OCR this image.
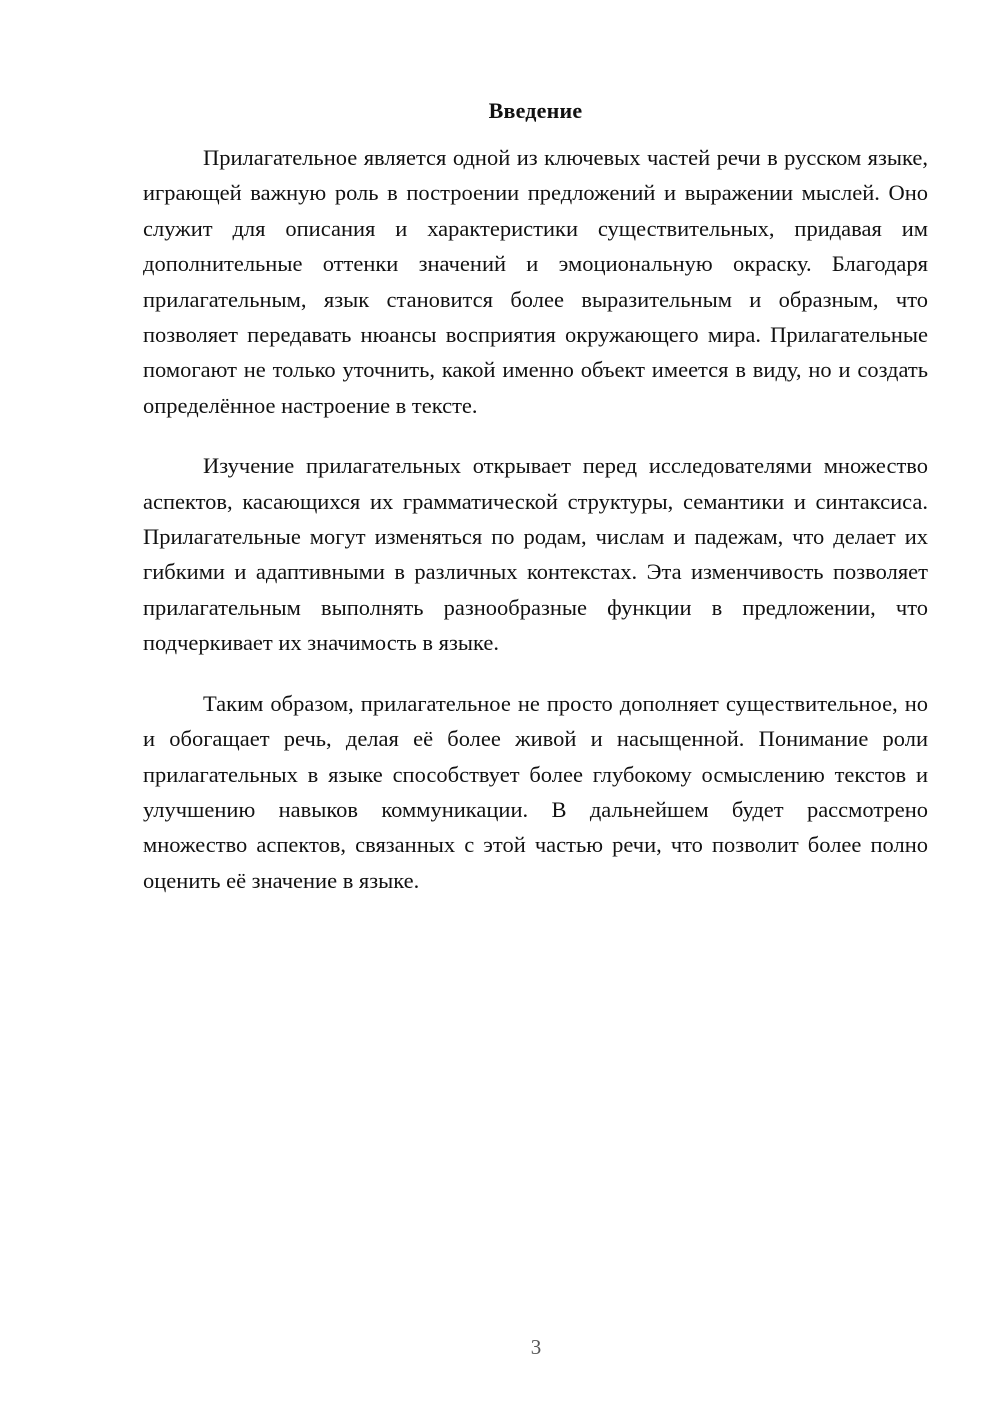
Введение

Прилагательное является одной из ключевых частей речи в русском языке, играющей важную роль в построении предложений и выражении мыслей. Оно служит для описания и характеристики существительных, придавая им дополнительные оттенки значений и эмоциональную окраску. Благодаря прилагательным, язык становится более выразительным и образным, что позволяет передавать нюансы восприятия окружающего мира. Прилагательные помогают не только уточнить, какой именно объект имеется в виду, но и создать определённое настроение в тексте.

Изучение прилагательных открывает перед исследователями множество аспектов, касающихся их грамматической структуры, семантики и синтаксиса. Прилагательные могут изменяться по родам, числам и падежам, что делает их гибкими и адаптивными в различных контекстах. Эта изменчивость позволяет прилагательным выполнять разнообразные функции в предложении, что подчеркивает их значимость в языке.

Таким образом, прилагательное не просто дополняет существительное, но и обогащает речь, делая её более живой и насыщенной. Понимание роли прилагательных в языке способствует более глубокому осмыслению текстов и улучшению навыков коммуникации. В дальнейшем будет рассмотрено множество аспектов, связанных с этой частью речи, что позволит более полно оценить её значение в языке.

3
